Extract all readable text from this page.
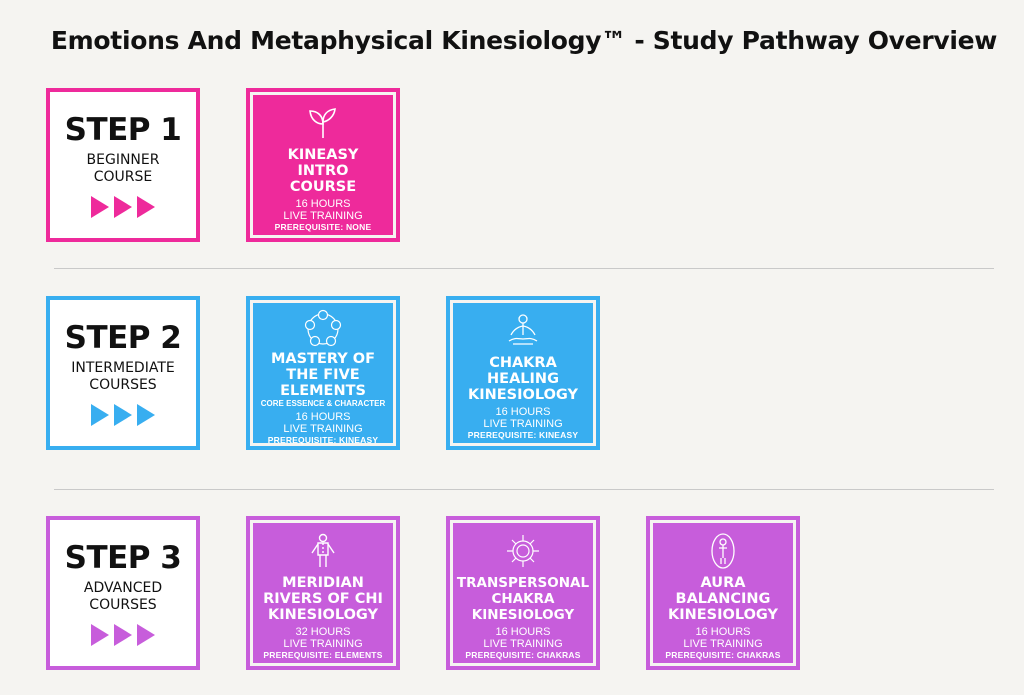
Emotions And Metaphysical Kinesiology™ - Study Pathway Overview
STEP 1
BEGINNER COURSE
KINEASY INTRO COURSE
16 HOURS
LIVE TRAINING
PREREQUISITE: NONE
STEP 2
INTERMEDIATE COURSES
MASTERY OF THE FIVE ELEMENTS
CORE ESSENCE & CHARACTER
16 HOURS
LIVE TRAINING
PREREQUISITE: KINEASY
CHAKRA HEALING KINESIOLOGY
16 HOURS
LIVE TRAINING
PREREQUISITE: KINEASY
STEP 3
ADVANCED COURSES
MERIDIAN RIVERS OF CHI KINESIOLOGY
32 HOURS
LIVE TRAINING
PREREQUISITE: ELEMENTS
TRANSPERSONAL CHAKRA KINESIOLOGY
16 HOURS
LIVE TRAINING
PREREQUISITE: CHAKRAS
AURA BALANCING KINESIOLOGY
16 HOURS
LIVE TRAINING
PREREQUISITE: CHAKRAS
